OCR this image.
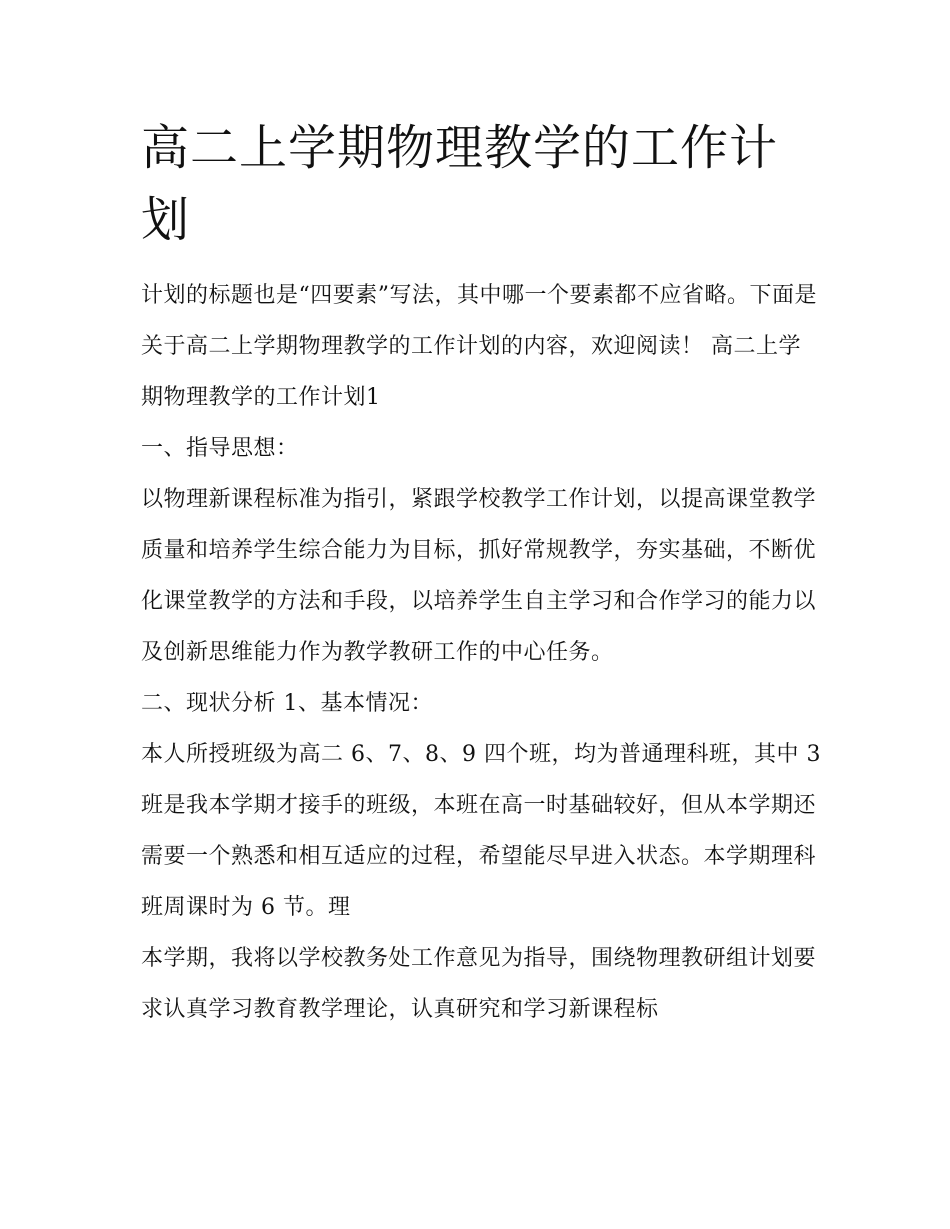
高二上学期物理教学的工作计划

计划的标题也是“四要素”写法，其中哪一个要素都不应省略。下面是关于高二上学期物理教学的工作计划的内容，欢迎阅读！ 高二上学期物理教学的工作计划1

一、指导思想：

以物理新课程标准为指引，紧跟学校教学工作计划，以提高课堂教学质量和培养学生综合能力为目标，抓好常规教学，夯实基础，不断优化课堂教学的方法和手段，以培养学生自主学习和合作学习的能力以及创新思维能力作为教学教研工作的中心任务。

二、现状分析 1、基本情况：

本人所授班级为高二 6、7、8、9 四个班，均为普通理科班，其中 3 班是我本学期才接手的班级，本班在高一时基础较好，但从本学期还需要一个熟悉和相互适应的过程，希望能尽早进入状态。本学期理科班周课时为 6 节。理

本学期，我将以学校教务处工作意见为指导，围绕物理教研组计划要求认真学习教育教学理论，认真研究和学习新课程标
